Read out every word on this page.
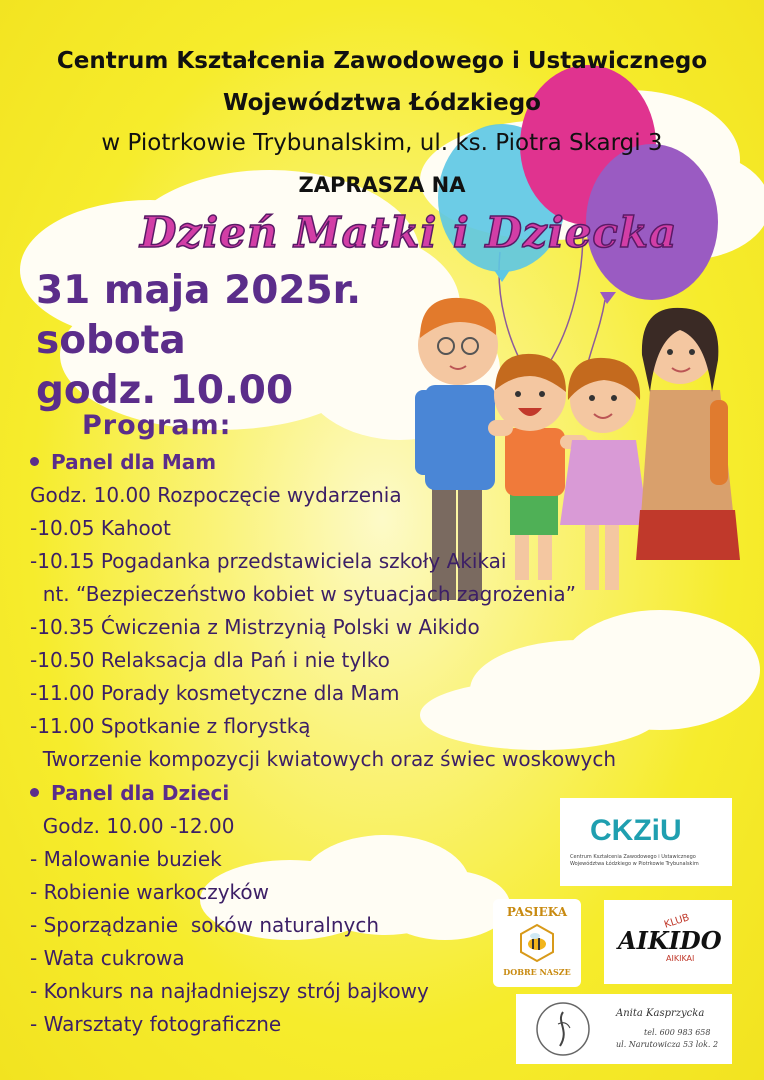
Centrum Kształcenia Zawodowego i Ustawicznego
Województwa Łódzkiego
w Piotrkowie Trybunalskim, ul. ks. Piotra Skargi 3
ZAPRASZA NA
Dzień Matki i Dziecka
31 maja 2025r.
sobota
godz. 10.00
Program:
Panel dla Mam
Godz. 10.00 Rozpoczęcie wydarzenia
-10.05 Kahoot
-10.15 Pogadanka przedstawiciela szkoły Akikai
nt. “Bezpieczeństwo kobiet w sytuacjach zagrożenia”
-10.35 Ćwiczenia z Mistrzynią Polski w Aikido
-10.50 Relaksacja dla Pań i nie tylko
-11.00 Porady kosmetyczne dla Mam
-11.00 Spotkanie z florystką
Tworzenie kompozycji kwiatowych oraz świec woskowych
Panel dla Dzieci
Godz. 10.00 -12.00
- Malowanie buziek
- Robienie warkoczyków
- Sporządzanie  soków naturalnych
- Wata cukrowa
- Konkurs na najładniejszy strój bajkowy
- Warsztaty fotograficzne
CKZiU
Centrum Kształcenia Zawodowego i Ustawicznego
Województwa Łódzkiego w Piotrkowie Trybunalskim
PASIEKA
DOBRE NASZE
KLUB
AIKIDO
AIKIKAI
Anita Kasprzycka
tel. 600 983 658
ul. Narutowicza 53 lok. 2
